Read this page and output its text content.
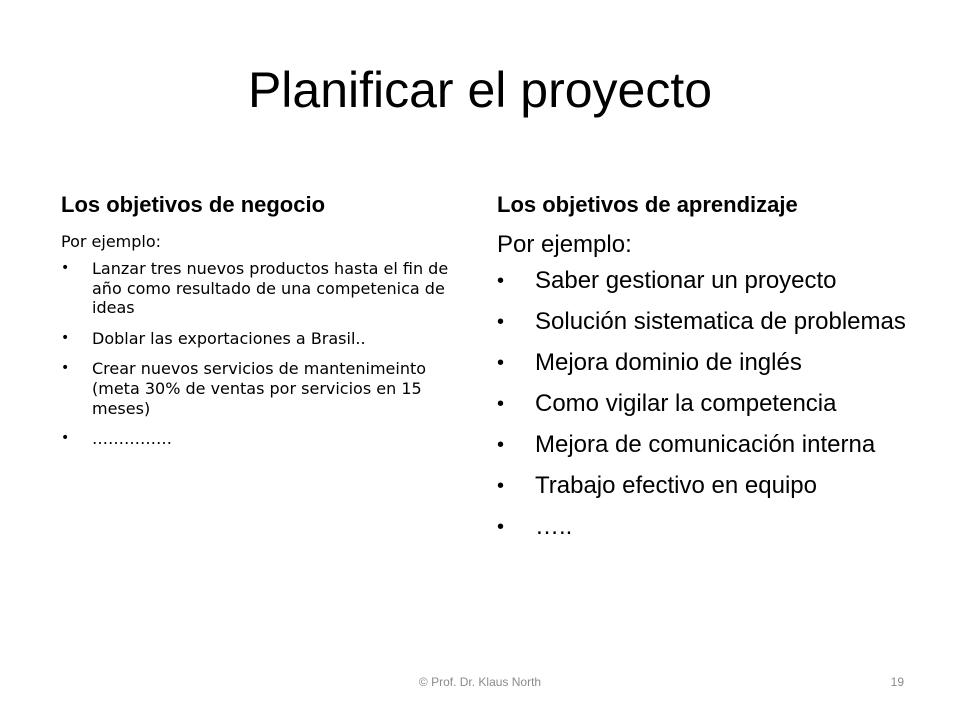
Planificar el proyecto
Los objetivos de negocio
Por ejemplo:
• Lanzar tres nuevos productos hasta el fin de año como resultado de una competenica de ideas
• Doblar las exportaciones a Brasil..
• Crear nuevos servicios de mantenimeinto (meta 30% de ventas por servicios en 15 meses)
• ……………
Los objetivos de aprendizaje
Por ejemplo:
• Saber gestionar un proyecto
• Solución sistematica de problemas
• Mejora dominio de inglés
• Como vigilar la competencia
• Mejora de comunicación interna
• Trabajo efectivo en equipo
• …..
© Prof. Dr. Klaus North	19
